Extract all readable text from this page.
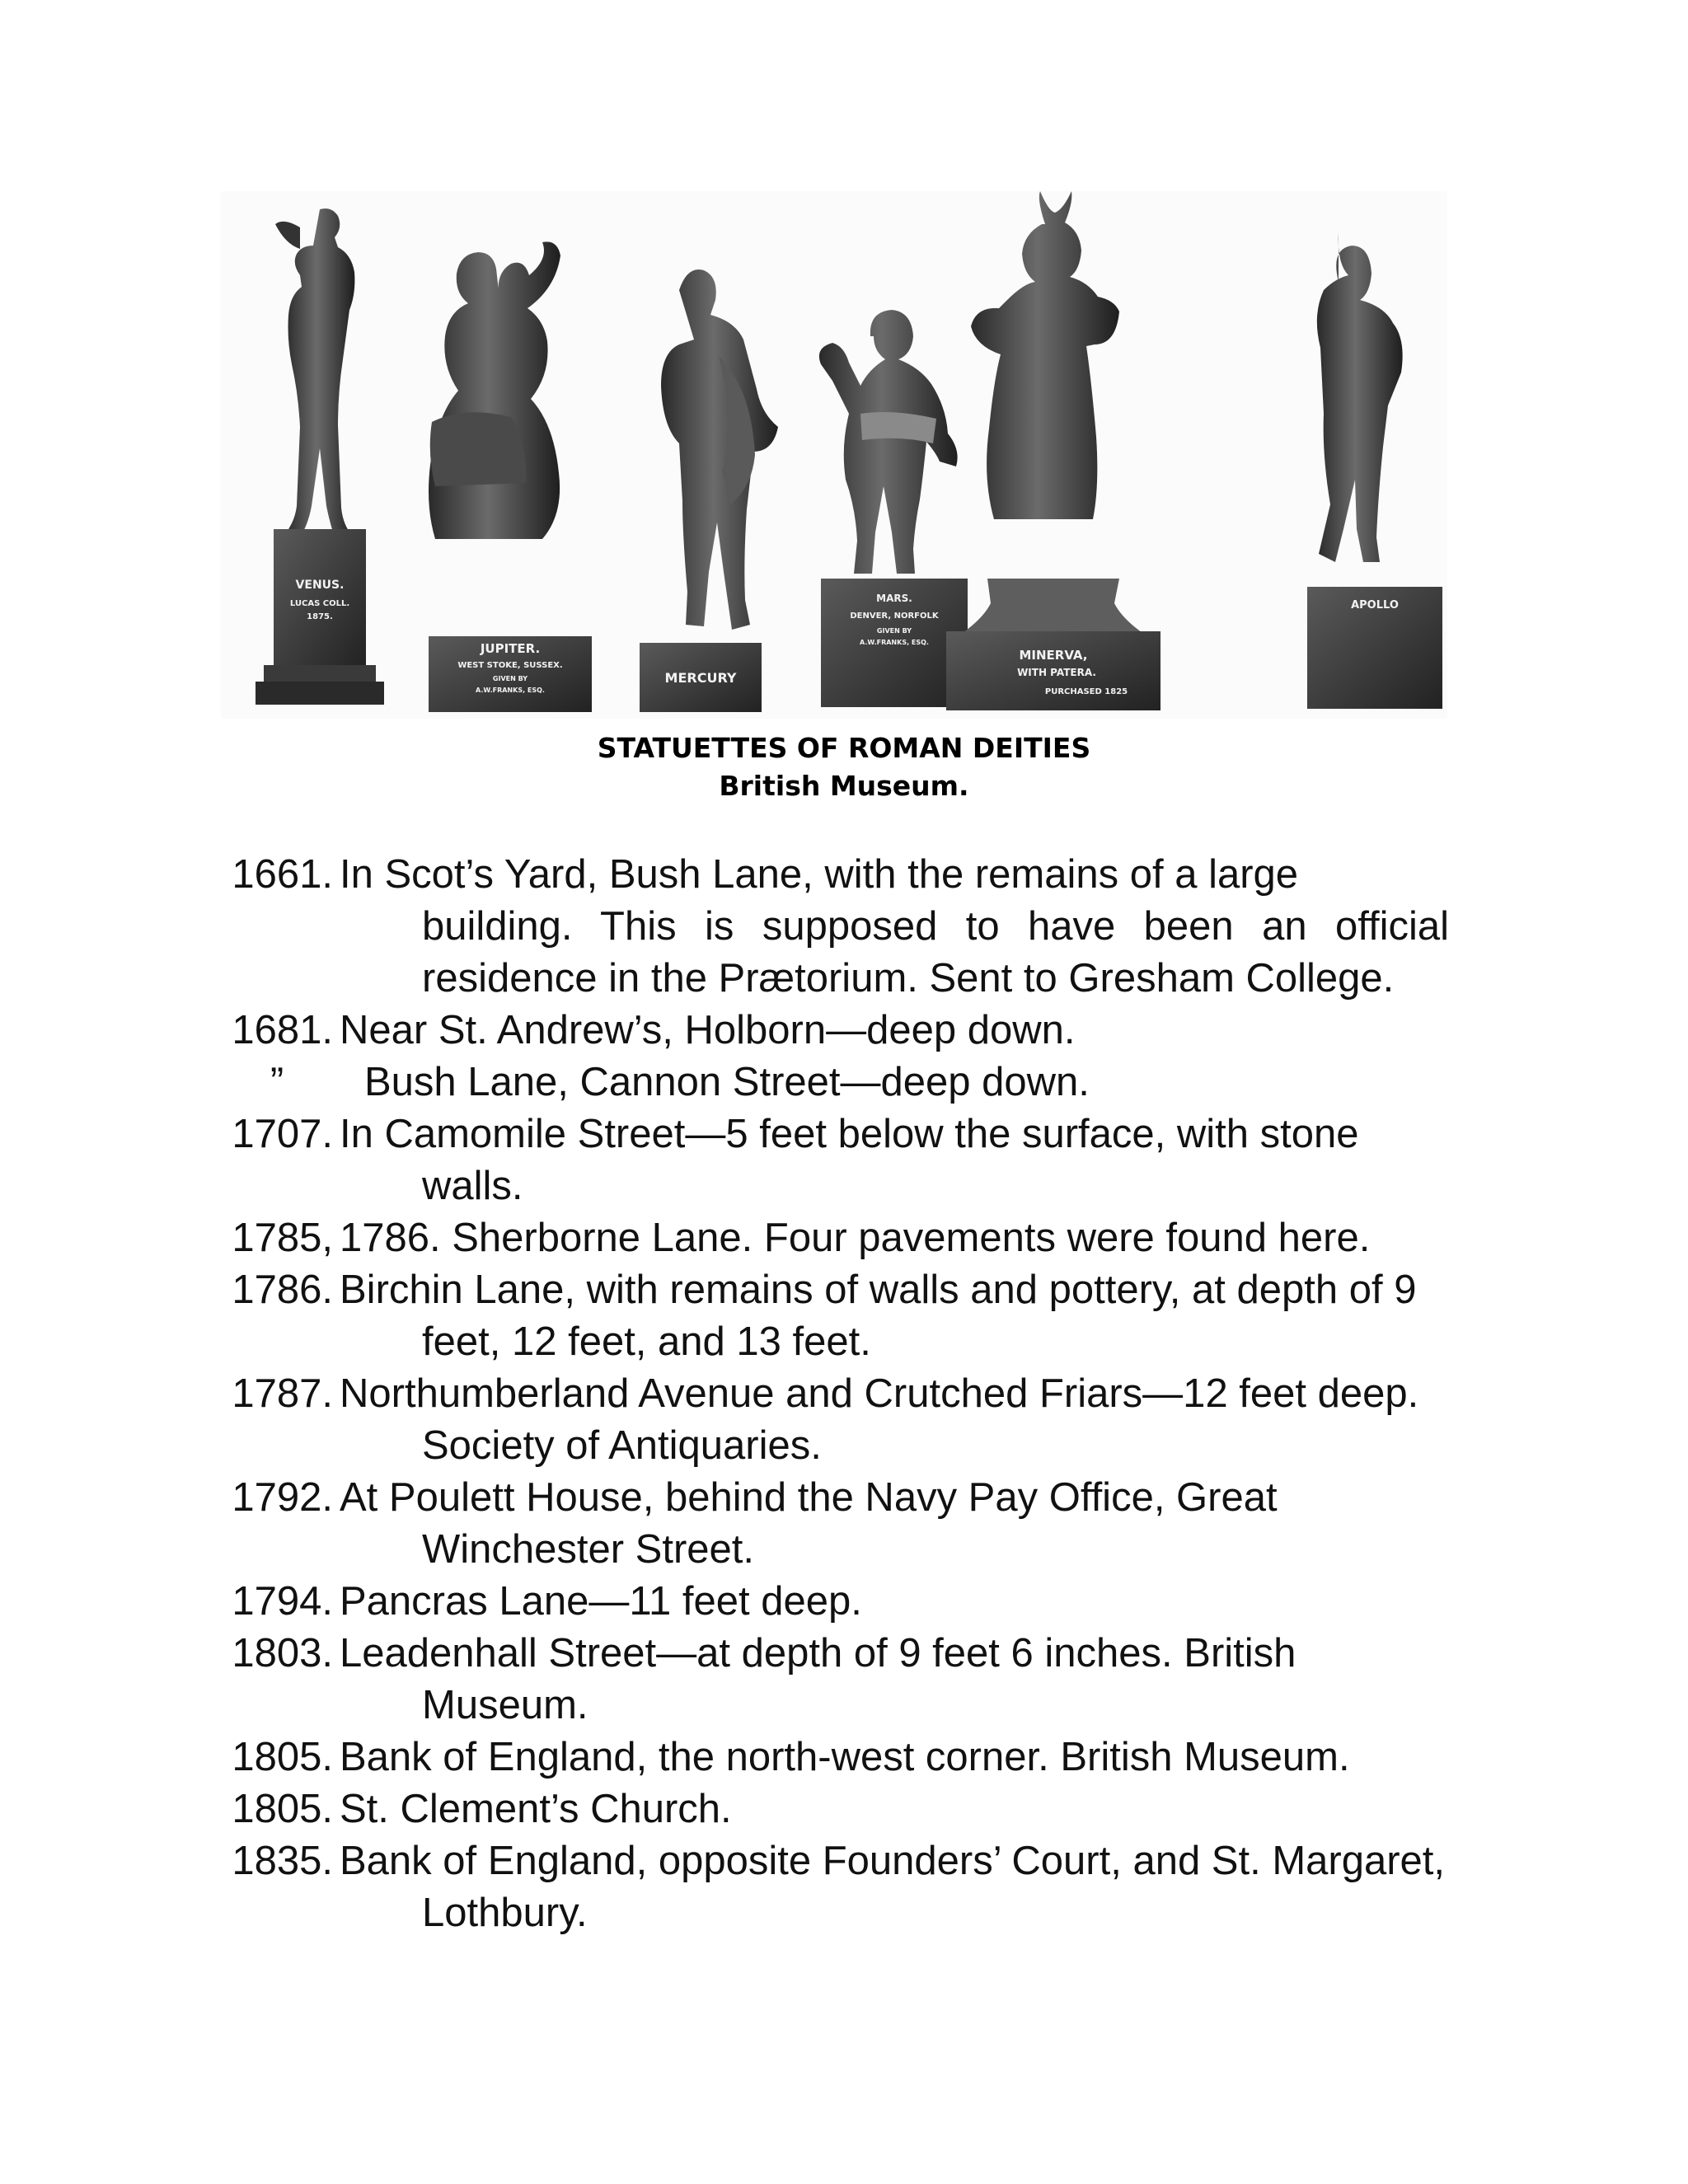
VENUS.
LUCAS COLL.
1875.
JUPITER.
WEST STOKE, SUSSEX.
GIVEN BY
A.W.FRANKS, ESQ.
MERCURY
MARS.
DENVER, NORFOLK
GIVEN BY
A.W.FRANKS, ESQ.
MINERVA,
WITH PATERA.
PURCHASED 1825
APOLLO
STATUETTES OF ROMAN DEITIES
British Museum.
1661. In Scot’s Yard, Bush Lane, with the remains of a large
building. This is supposed to have been an official residence in the Prætorium. Sent to Gresham College.
1681. Near St. Andrew’s, Holborn—deep down.
”	Bush Lane, Cannon Street—deep down.
1707. In Camomile Street—5 feet below the surface, with stone
walls.
1785, 1786. Sherborne Lane. Four pavements were found here.
1786. Birchin Lane, with remains of walls and pottery, at depth of 9
feet, 12 feet, and 13 feet.
1787. Northumberland Avenue and Crutched Friars—12 feet deep.
Society of Antiquaries.
1792. At Poulett House, behind the Navy Pay Office, Great
Winchester Street.
1794. Pancras Lane—11 feet deep.
1803. Leadenhall Street—at depth of 9 feet 6 inches. British
Museum.
1805. Bank of England, the north-west corner. British Museum.
1805. St. Clement’s Church.
1835. Bank of England, opposite Founders’ Court, and St. Margaret,
Lothbury.
